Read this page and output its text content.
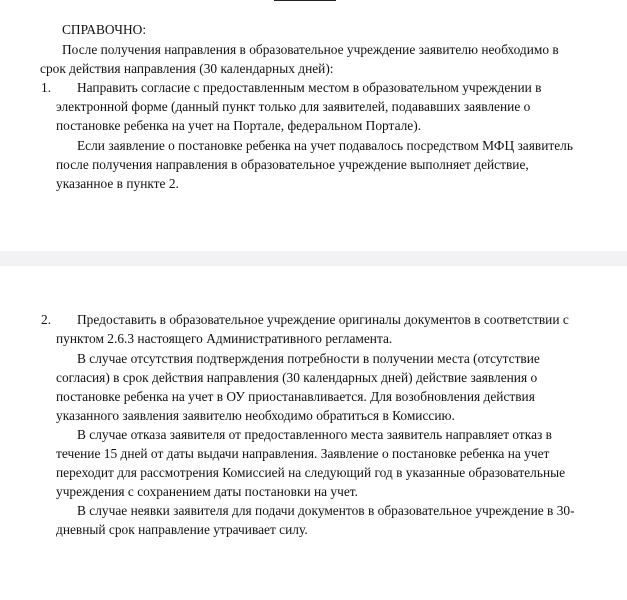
СПРАВОЧНО:
После получения направления в образовательное учреждение заявителю необходимо в
срок действия направления (30 календарных дней):
1. Направить согласие с предоставленным местом в образовательном учреждении в
электронной форме (данный пункт только для заявителей, подававших заявление о
постановке ребенка на учет на Портале, федеральном Портале).
Если заявление о постановке ребенка на учет подавалось посредством МФЦ заявитель
после получения направления в образовательное учреждение выполняет действие,
указанное в пункте 2.
2. Предоставить в образовательное учреждение оригиналы документов в соответствии с
пунктом 2.6.3 настоящего Административного регламента.
В случае отсутствия подтверждения потребности в получении места (отсутствие
согласия) в срок действия направления (30 календарных дней) действие заявления о
постановке ребенка на учет в ОУ приостанавливается. Для возобновления действия
указанного заявления заявителю необходимо обратиться в Комиссию.
В случае отказа заявителя от предоставленного места заявитель направляет отказ в
течение 15 дней от даты выдачи направления. Заявление о постановке ребенка на учет
переходит для рассмотрения Комиссией на следующий год в указанные образовательные
учреждения с сохранением даты постановки на учет.
В случае неявки заявителя для подачи документов в образовательное учреждение в 30-
дневный срок направление утрачивает силу.
